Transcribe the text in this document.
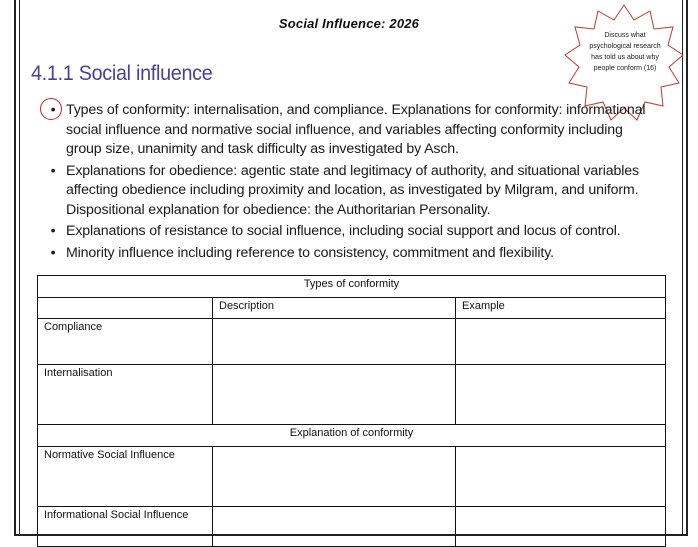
Social Influence: 2026
4.1.1 Social influence
Discuss what psychological research has told us about why people conform (16)
• Types of conformity: internalisation, and compliance. Explanations for conformity: informational social influence and normative social influence, and variables affecting conformity including group size, unanimity and task difficulty as investigated by Asch.
• Explanations for obedience: agentic state and legitimacy of authority, and situational variables affecting obedience including proximity and location, as investigated by Milgram, and uniform. Dispositional explanation for obedience: the Authoritarian Personality.
• Explanations of resistance to social influence, including social support and locus of control.
• Minority influence including reference to consistency, commitment and flexibility.
Types of conformity		
	Description	Example
Compliance		
Internalisation		
Explanation of conformity		
Normative Social Influence		
Informational Social Influence		
